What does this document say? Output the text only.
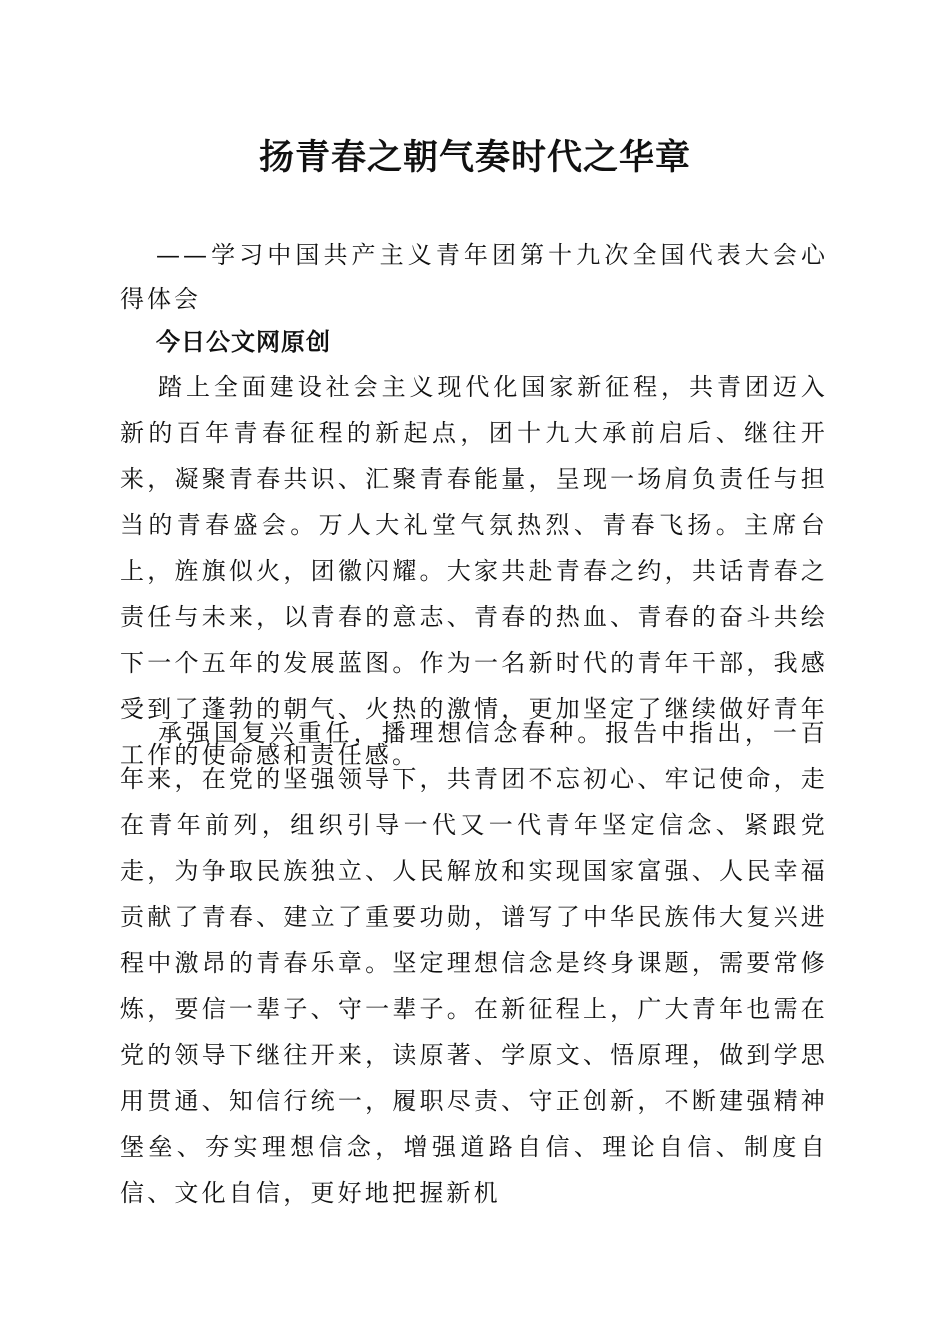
扬青春之朝气奏时代之华章

——学习中国共产主义青年团第十九次全国代表大会心得体会

今日公文网原创

踏上全面建设社会主义现代化国家新征程，共青团迈入新的百年青春征程的新起点，团十九大承前启后、继往开来，凝聚青春共识、汇聚青春能量，呈现一场肩负责任与担当的青春盛会。万人大礼堂气氛热烈、青春飞扬。主席台上，旌旗似火，团徽闪耀。大家共赴青春之约，共话青春之责任与未来，以青春的意志、青春的热血、青春的奋斗共绘下一个五年的发展蓝图。作为一名新时代的青年干部，我感受到了蓬勃的朝气、火热的激情，更加坚定了继续做好青年工作的使命感和责任感。

承强国复兴重任，播理想信念春种。报告中指出，一百年来，在党的坚强领导下，共青团不忘初心、牢记使命，走在青年前列，组织引导一代又一代青年坚定信念、紧跟党走，为争取民族独立、人民解放和实现国家富强、人民幸福贡献了青春、建立了重要功勋，谱写了中华民族伟大复兴进程中激昂的青春乐章。坚定理想信念是终身课题，需要常修炼，要信一辈子、守一辈子。在新征程上，广大青年也需在党的领导下继往开来，读原著、学原文、悟原理，做到学思用贯通、知信行统一，履职尽责、守正创新，不断建强精神堡垒、夯实理想信念，增强道路自信、理论自信、制度自信、文化自信，更好地把握新机
